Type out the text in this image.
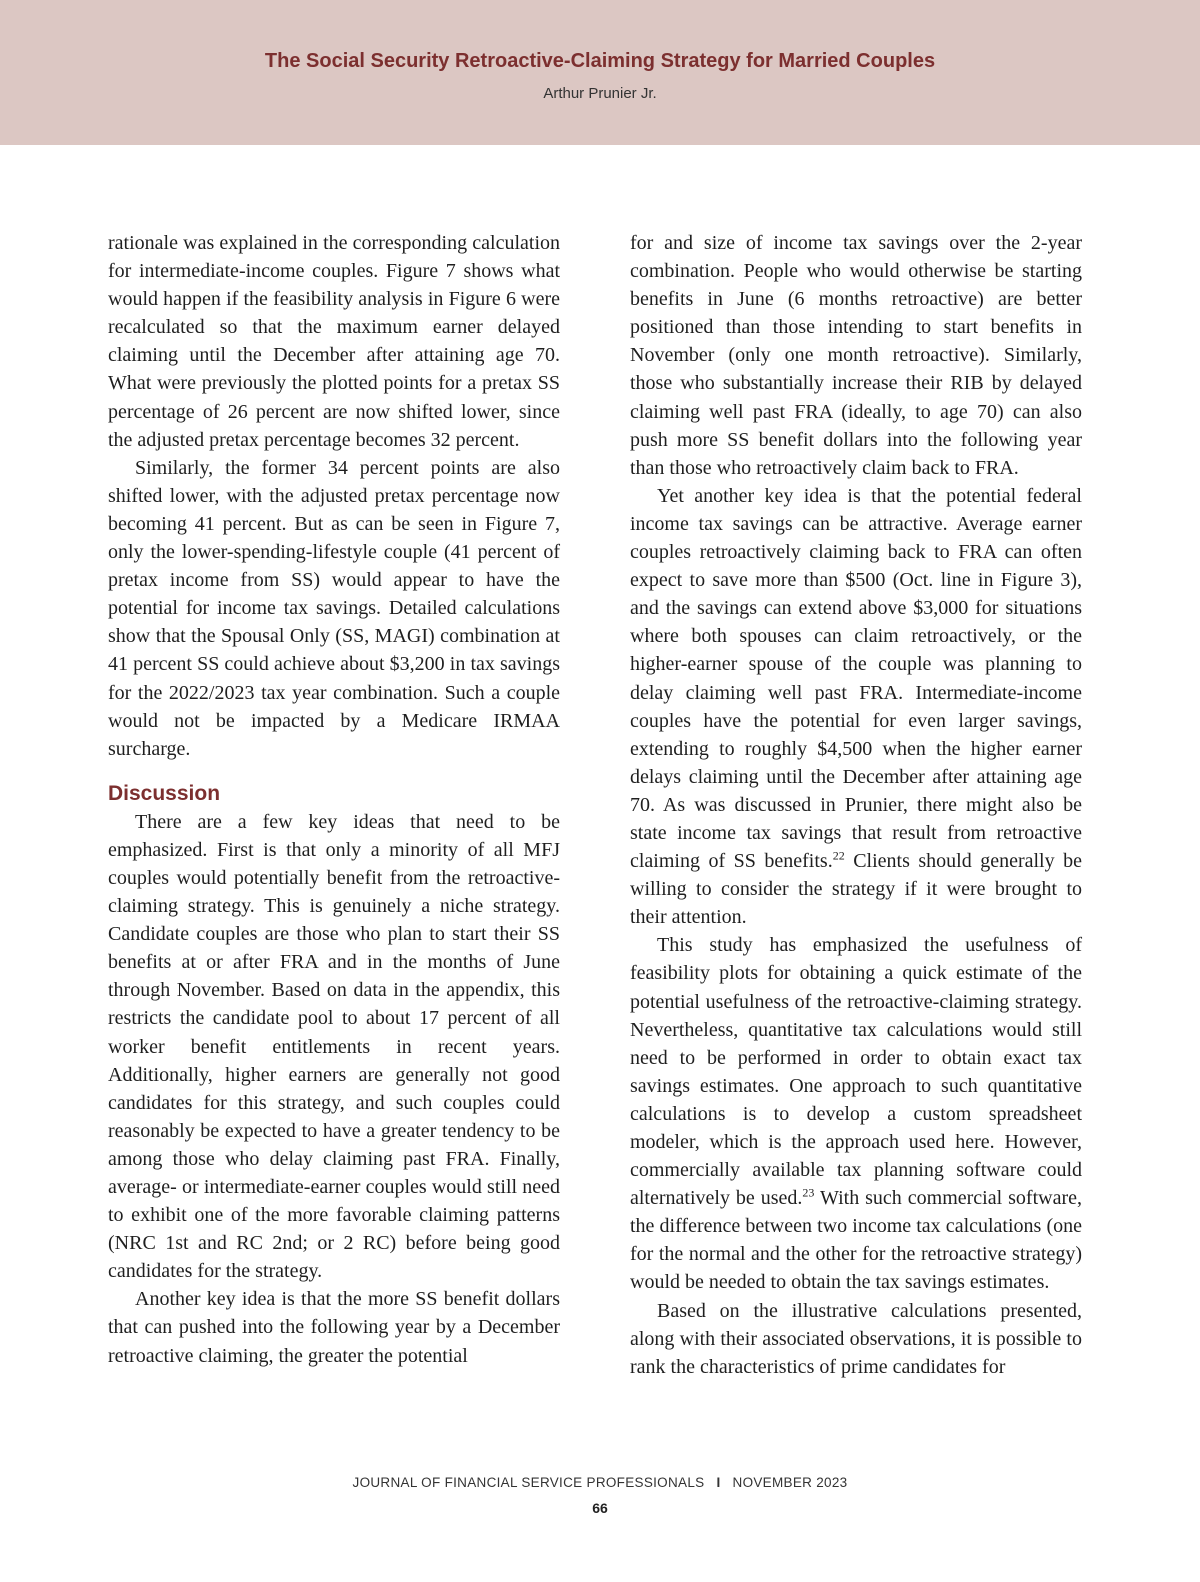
The Social Security Retroactive-Claiming Strategy for Married Couples
Arthur Prunier Jr.

rationale was explained in the corresponding calculation for intermediate-income couples. Figure 7 shows what would happen if the feasibility analysis in Figure 6 were recalculated so that the maximum earner delayed claiming until the December after attaining age 70. What were previously the plotted points for a pretax SS percentage of 26 percent are now shifted lower, since the adjusted pretax percentage becomes 32 percent.

Similarly, the former 34 percent points are also shifted lower, with the adjusted pretax percentage now becoming 41 percent. But as can be seen in Figure 7, only the lower-spending-lifestyle couple (41 percent of pretax income from SS) would appear to have the potential for income tax savings. Detailed calculations show that the Spousal Only (SS, MAGI) combination at 41 percent SS could achieve about $3,200 in tax savings for the 2022/2023 tax year combination. Such a couple would not be impacted by a Medicare IRMAA surcharge.

Discussion

There are a few key ideas that need to be emphasized. First is that only a minority of all MFJ couples would potentially benefit from the retroactive-claiming strategy. This is genuinely a niche strategy. Candidate couples are those who plan to start their SS benefits at or after FRA and in the months of June through November. Based on data in the appendix, this restricts the candidate pool to about 17 percent of all worker benefit entitlements in recent years. Additionally, higher earners are generally not good candidates for this strategy, and such couples could reasonably be expected to have a greater tendency to be among those who delay claiming past FRA. Finally, average- or intermediate-earner couples would still need to exhibit one of the more favorable claiming patterns (NRC 1st and RC 2nd; or 2 RC) before being good candidates for the strategy.

Another key idea is that the more SS benefit dollars that can pushed into the following year by a December retroactive claiming, the greater the potential

for and size of income tax savings over the 2-year combination. People who would otherwise be starting benefits in June (6 months retroactive) are better positioned than those intending to start benefits in November (only one month retroactive). Similarly, those who substantially increase their RIB by delayed claiming well past FRA (ideally, to age 70) can also push more SS benefit dollars into the following year than those who retroactively claim back to FRA.

Yet another key idea is that the potential federal income tax savings can be attractive. Average earner couples retroactively claiming back to FRA can often expect to save more than $500 (Oct. line in Figure 3), and the savings can extend above $3,000 for situations where both spouses can claim retroactively, or the higher-earner spouse of the couple was planning to delay claiming well past FRA. Intermediate-income couples have the potential for even larger savings, extending to roughly $4,500 when the higher earner delays claiming until the December after attaining age 70. As was discussed in Prunier, there might also be state income tax savings that result from retroactive claiming of SS benefits.$^{22}$ Clients should generally be willing to consider the strategy if it were brought to their attention.

This study has emphasized the usefulness of feasibility plots for obtaining a quick estimate of the potential usefulness of the retroactive-claiming strategy. Nevertheless, quantitative tax calculations would still need to be performed in order to obtain exact tax savings estimates. One approach to such quantitative calculations is to develop a custom spreadsheet modeler, which is the approach used here. However, commercially available tax planning software could alternatively be used.$^{23}$ With such commercial software, the difference between two income tax calculations (one for the normal and the other for the retroactive strategy) would be needed to obtain the tax savings estimates.

Based on the illustrative calculations presented, along with their associated observations, it is possible to rank the characteristics of prime candidates for

JOURNAL OF FINANCIAL SERVICE PROFESSIONALS I NOVEMBER 2023
66
